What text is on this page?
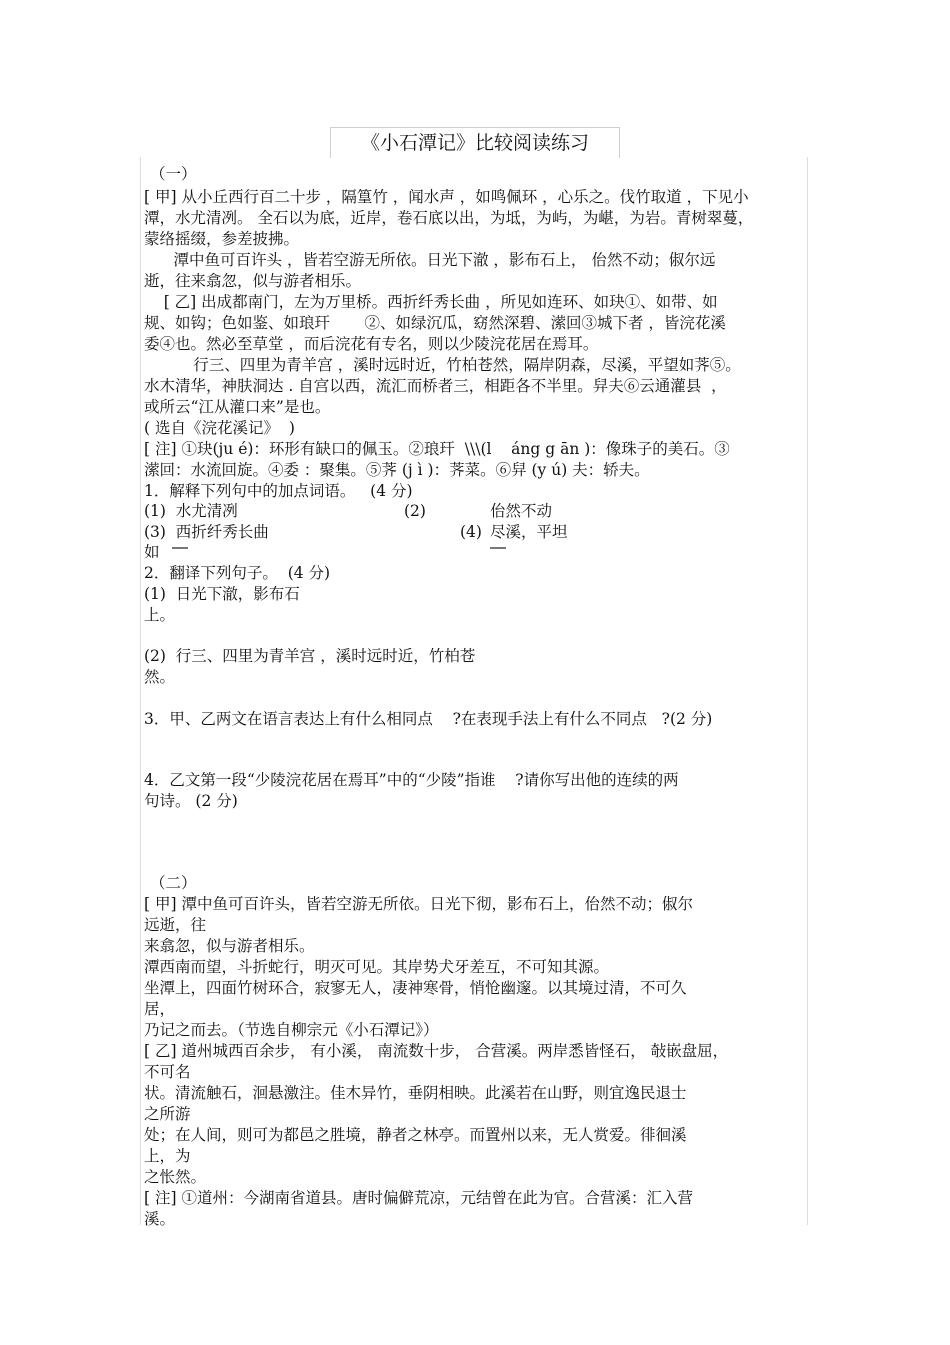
《小石潭记》比较阅读练习
（一）
[ 甲] 从小丘西行百二十步 ，隔篁竹 ，闻水声 ，如鸣佩环 ，心乐之。伐竹取道 ，下见小
潭，水尤清冽。 全石以为底，近岸，卷石底以出，为坻，为屿，为嵁，为岩。青树翠蔓，
蒙络摇缀，参差披拂。
潭中鱼可百许头 ，皆若空游无所依。日光下澈 ，影布石上， 佁然不动；俶尔远
逝，往来翕忽，似与游者相乐。
[ 乙] 出成都南门，左为万里桥。西折纤秀长曲 ，所见如连环、如玦①、如带、如
规、如钩；色如鉴、如琅玕       ②、如绿沉瓜，窈然深碧、潆回③城下者 ，皆浣花溪
委④也。然必至草堂 ，而后浣花有专名，则以少陵浣花居在焉耳。
行三、四里为青羊宫 ，溪时远时近，竹柏苍然，隔岸阴森，尽溪，平望如荠⑤。
水木清华，神肤洞达 . 自宫以西，流汇而桥者三，相距各不半里。舁夫⑥云通灌县  ，
或所云“江从灌口来”是也。
( 选自《浣花溪记》  )
[ 注] ①玦(ju é)：环形有缺口的佩玉。②琅玕  \\\(l    áng g ān )：像珠子的美石。③
潆回：水流回旋。④委 ：聚集。⑤荠 (j ì )：荠菜。⑥舁 (y ú) 夫：轿夫。
1．解释下列句中的加点词语。   (4 分)
(1)  水尤清冽	(2)	佁然不动
(3)  西折纤秀长曲	(4) 尽溪，平坦
如
2．翻译下列句子。  (4 分)
(1)  日光下澈，影布石
上。
(2)  行三、四里为青羊宫 ，溪时远时近，竹柏苍
然。
3．甲、乙两文在语言表达上有什么相同点    ?在表现手法上有什么不同点   ?(2 分)
4．乙文第一段“少陵浣花居在焉耳”中的“少陵”指谁    ?请你写出他的连续的两
句诗。 (2 分)
（二）
[ 甲] 潭中鱼可百许头，皆若空游无所依。日光下彻，影布石上，佁然不动；俶尔
远逝，往
来翕忽，似与游者相乐。
潭西南而望，斗折蛇行，明灭可见。其岸势犬牙差互，不可知其源。
坐潭上，四面竹树环合，寂寥无人，凄神寒骨，悄怆幽邃。以其境过清，不可久
居，
乃记之而去。（节选自柳宗元《小石潭记》）
[ 乙] 道州城西百余步， 有小溪， 南流数十步， 合营溪。两岸悉皆怪石， 敧嵌盘屈，
不可名
状。清流触石，洄悬激注。佳木异竹，垂阴相映。此溪若在山野，则宜逸民退士
之所游
处；在人间，则可为都邑之胜境，静者之林亭。而置州以来，无人赏爱。徘徊溪
上，为
之怅然。
[ 注] ①道州：今湖南省道县。唐时偏僻荒凉，元结曾在此为官。合营溪：汇入营
溪。
